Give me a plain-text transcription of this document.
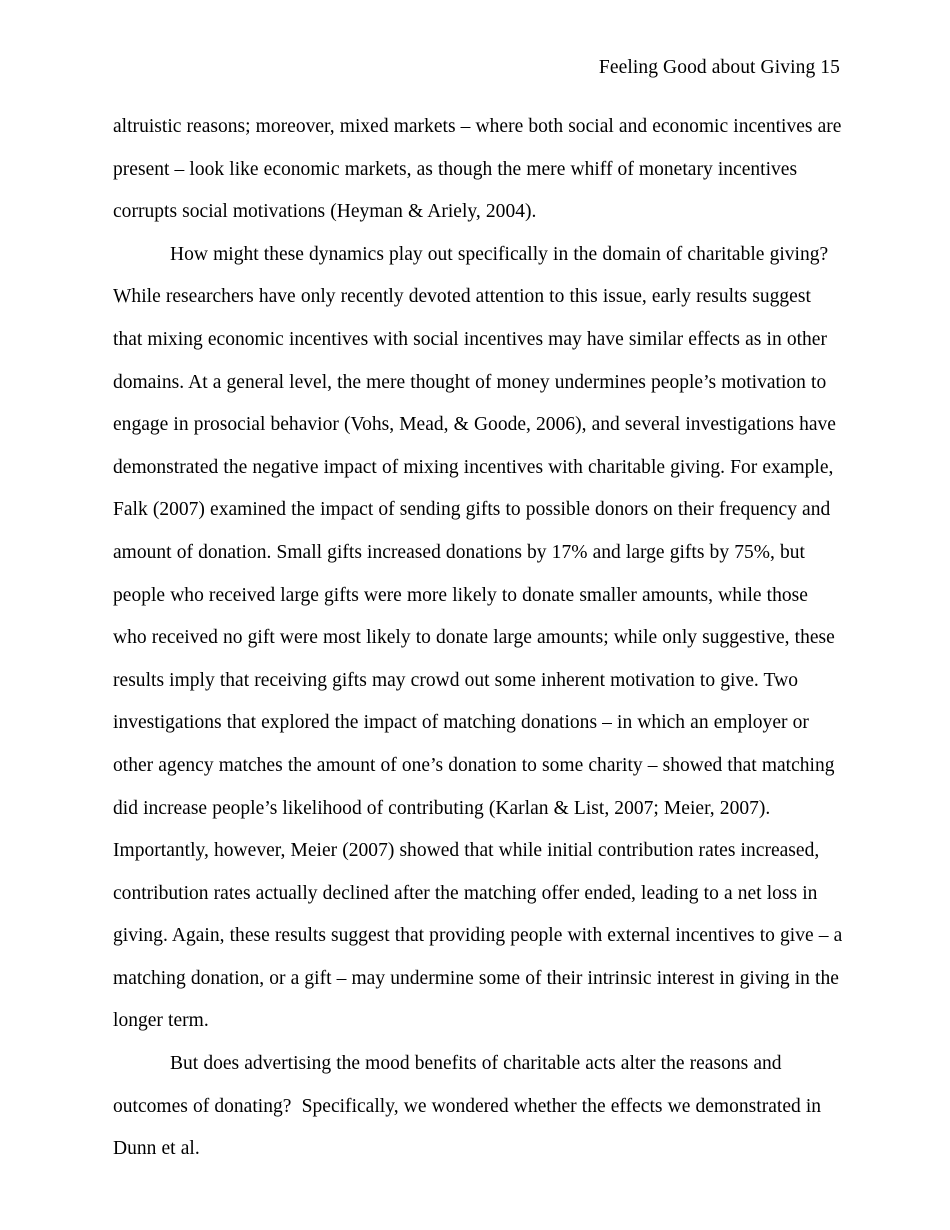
Feeling Good about Giving 15

altruistic reasons; moreover, mixed markets – where both social and economic incentives are present – look like economic markets, as though the mere whiff of monetary incentives corrupts social motivations (Heyman & Ariely, 2004).

How might these dynamics play out specifically in the domain of charitable giving? While researchers have only recently devoted attention to this issue, early results suggest that mixing economic incentives with social incentives may have similar effects as in other domains. At a general level, the mere thought of money undermines people’s motivation to engage in prosocial behavior (Vohs, Mead, & Goode, 2006), and several investigations have demonstrated the negative impact of mixing incentives with charitable giving. For example, Falk (2007) examined the impact of sending gifts to possible donors on their frequency and amount of donation. Small gifts increased donations by 17% and large gifts by 75%, but people who received large gifts were more likely to donate smaller amounts, while those who received no gift were most likely to donate large amounts; while only suggestive, these results imply that receiving gifts may crowd out some inherent motivation to give. Two investigations that explored the impact of matching donations – in which an employer or other agency matches the amount of one’s donation to some charity – showed that matching did increase people’s likelihood of contributing (Karlan & List, 2007; Meier, 2007). Importantly, however, Meier (2007) showed that while initial contribution rates increased, contribution rates actually declined after the matching offer ended, leading to a net loss in giving. Again, these results suggest that providing people with external incentives to give – a matching donation, or a gift – may undermine some of their intrinsic interest in giving in the longer term.

But does advertising the mood benefits of charitable acts alter the reasons and outcomes of donating?  Specifically, we wondered whether the effects we demonstrated in Dunn et al.
